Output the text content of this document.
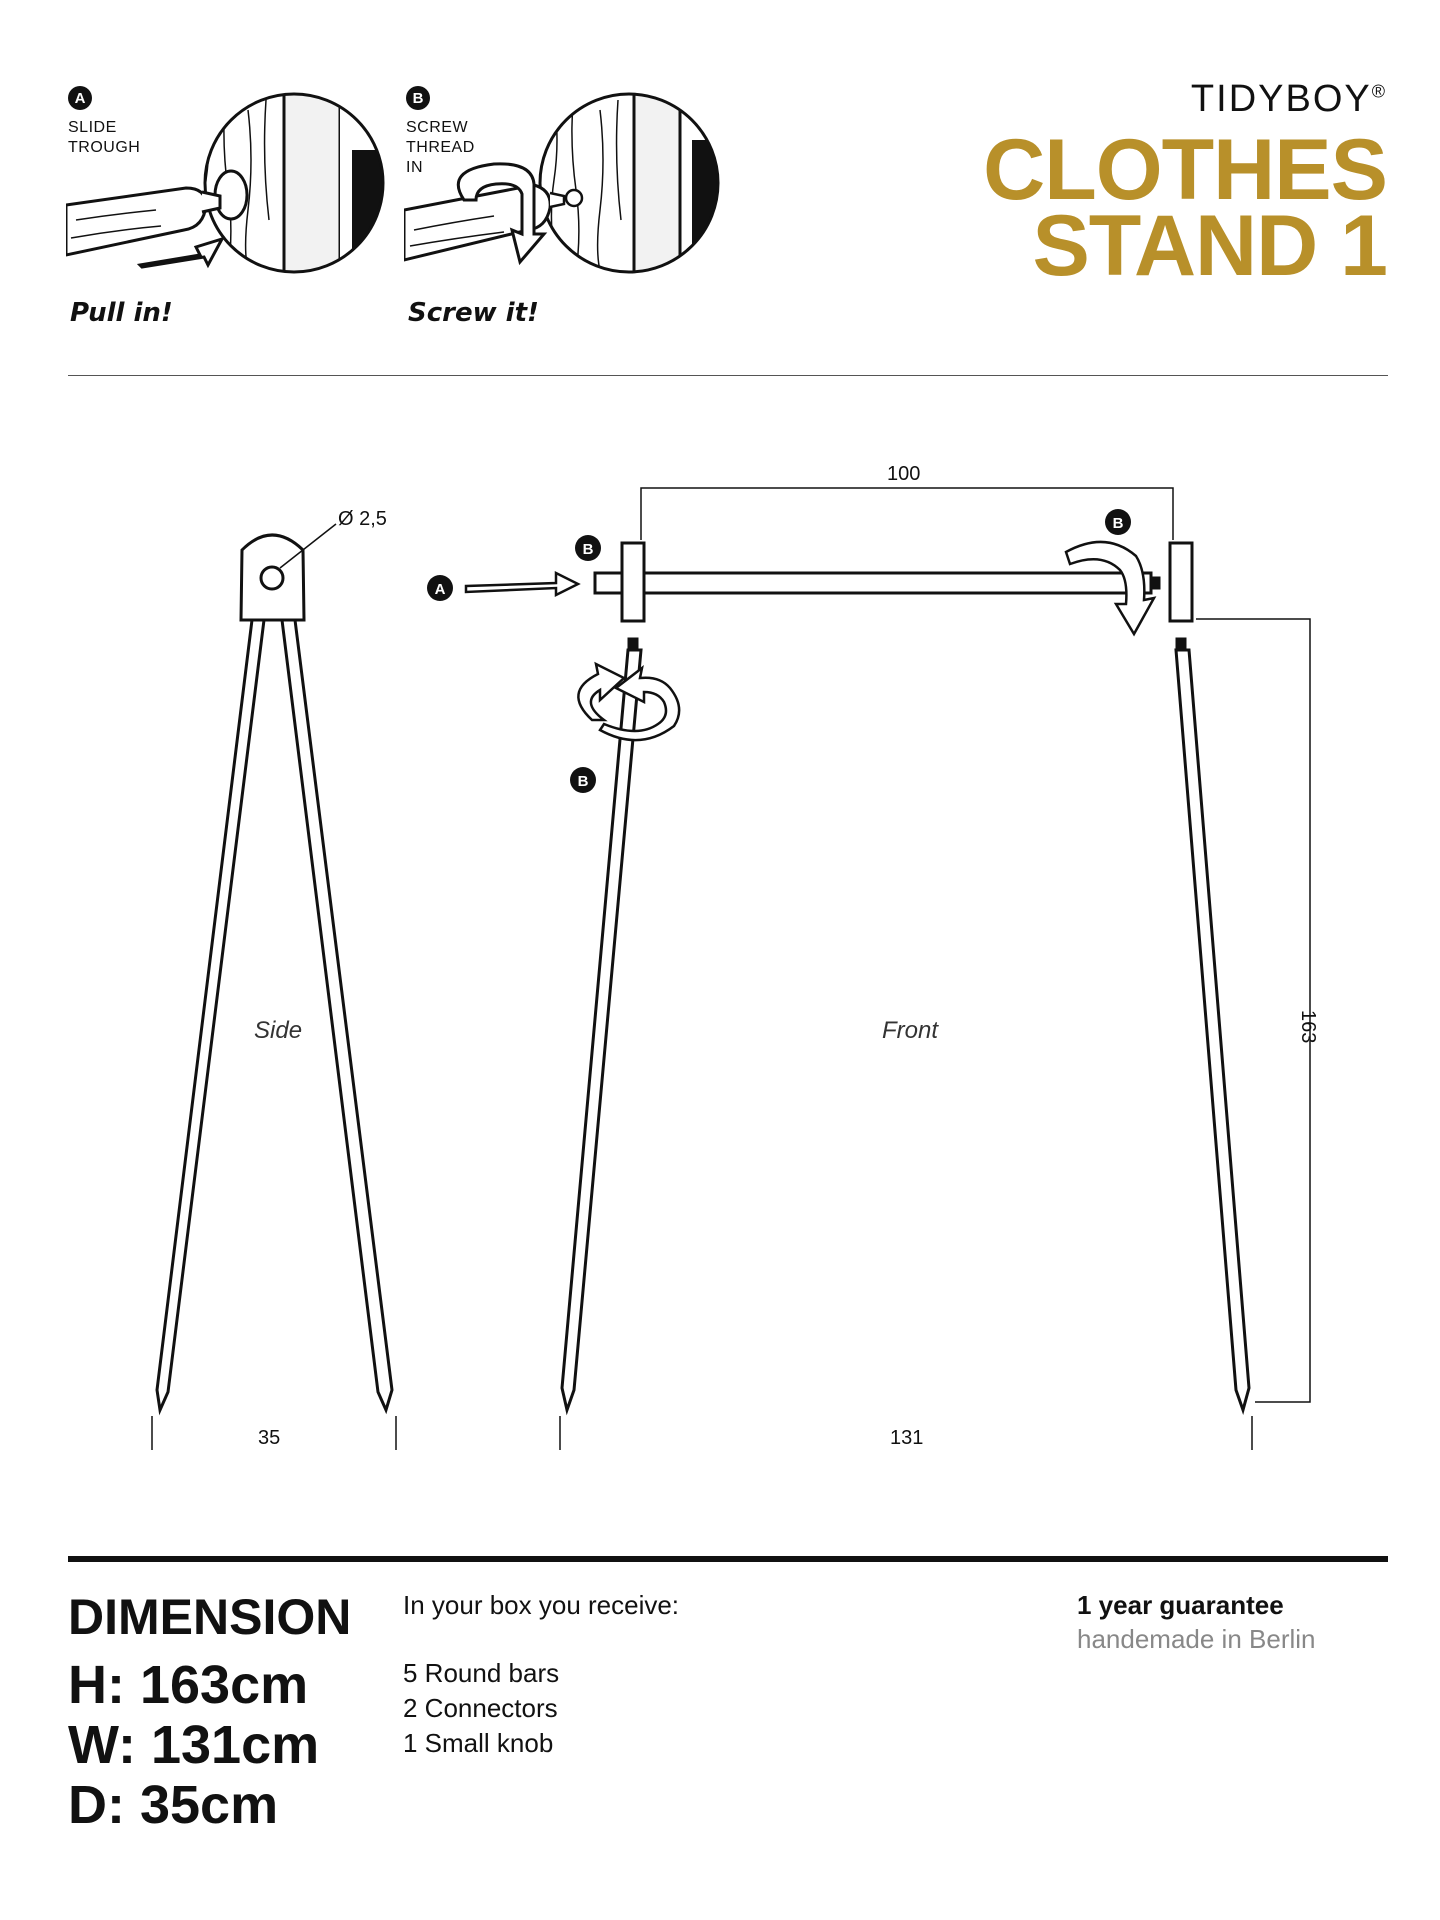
A
SLIDE
TROUGH
Pull in!
B
SCREW
THREAD
IN
Screw it!
TIDYBOY®
CLOTHES
STAND 1
Ø 2,5
Side
35
100
163
131
Front
A
B
B
B
DIMENSION
H: 163cm
W: 131cm
D: 35cm
In your box you receive:
5 Round bars
2 Connectors
1 Small knob
1 year guarantee
handemade in Berlin
